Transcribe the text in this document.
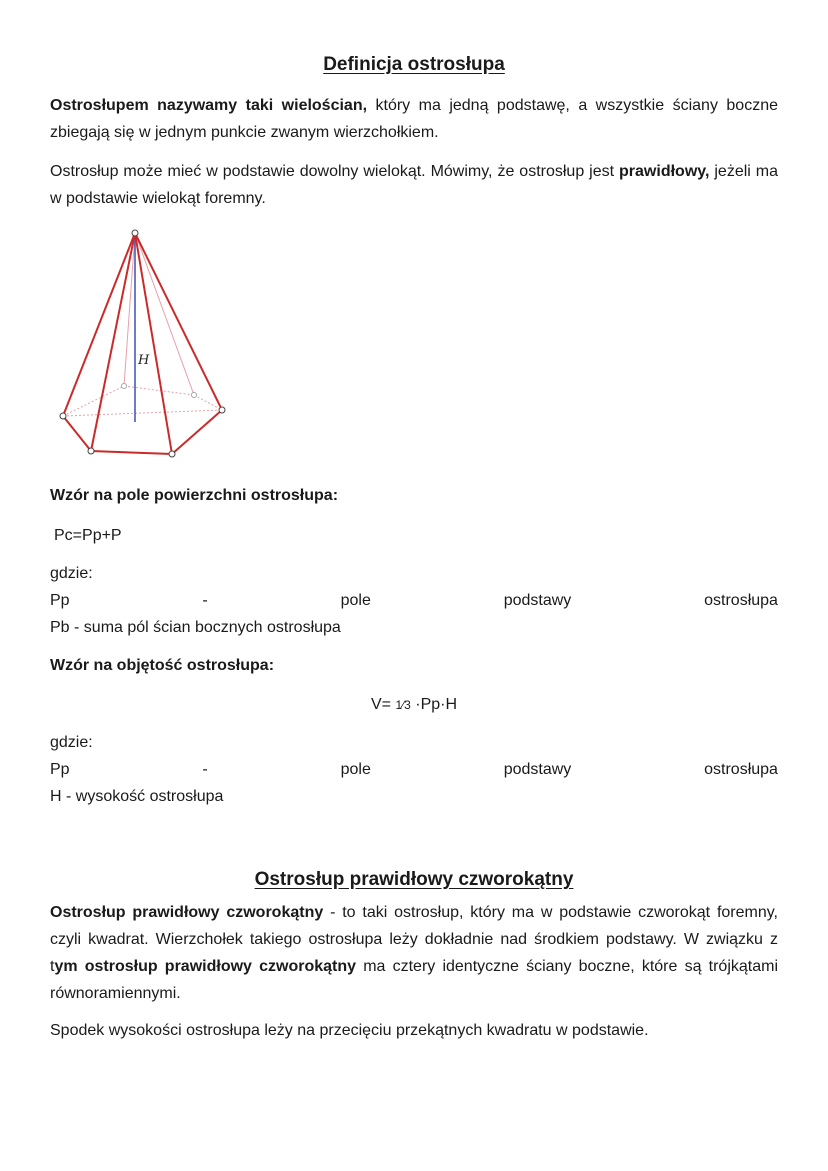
Definicja ostrosłupa
Ostrosłupem nazywamy taki wielościan, który ma jedną podstawę, a wszystkie ściany boczne zbiegają się w jednym punkcie zwanym wierzchołkiem.
Ostrosłup może mieć w podstawie dowolny wielokąt. Mówimy, że ostrosłup jest prawidłowy, jeżeli ma w podstawie wielokąt foremny.
H
Wzór na pole powierzchni ostrosłupa:
Pc=Pp+P
gdzie:
Pp	-	pole	podstawy	ostrosłupa
Pb - suma pól ścian bocznych ostrosłupa
Wzór na objętość ostrosłupa:
V= 1⁄3 ·Pp·H
gdzie:
Pp	-	pole	podstawy	ostrosłupa
H - wysokość ostrosłupa
Ostrosłup prawidłowy czworokątny
Ostrosłup prawidłowy czworokątny - to taki ostrosłup, który ma w podstawie czworokąt foremny, czyli kwadrat. Wierzchołek takiego ostrosłupa leży dokładnie nad środkiem podstawy. W związku z tym ostrosłup prawidłowy czworokątny ma cztery identyczne ściany boczne, które są trójkątami równoramiennymi.
Spodek wysokości ostrosłupa leży na przecięciu przekątnych kwadratu w podstawie.
